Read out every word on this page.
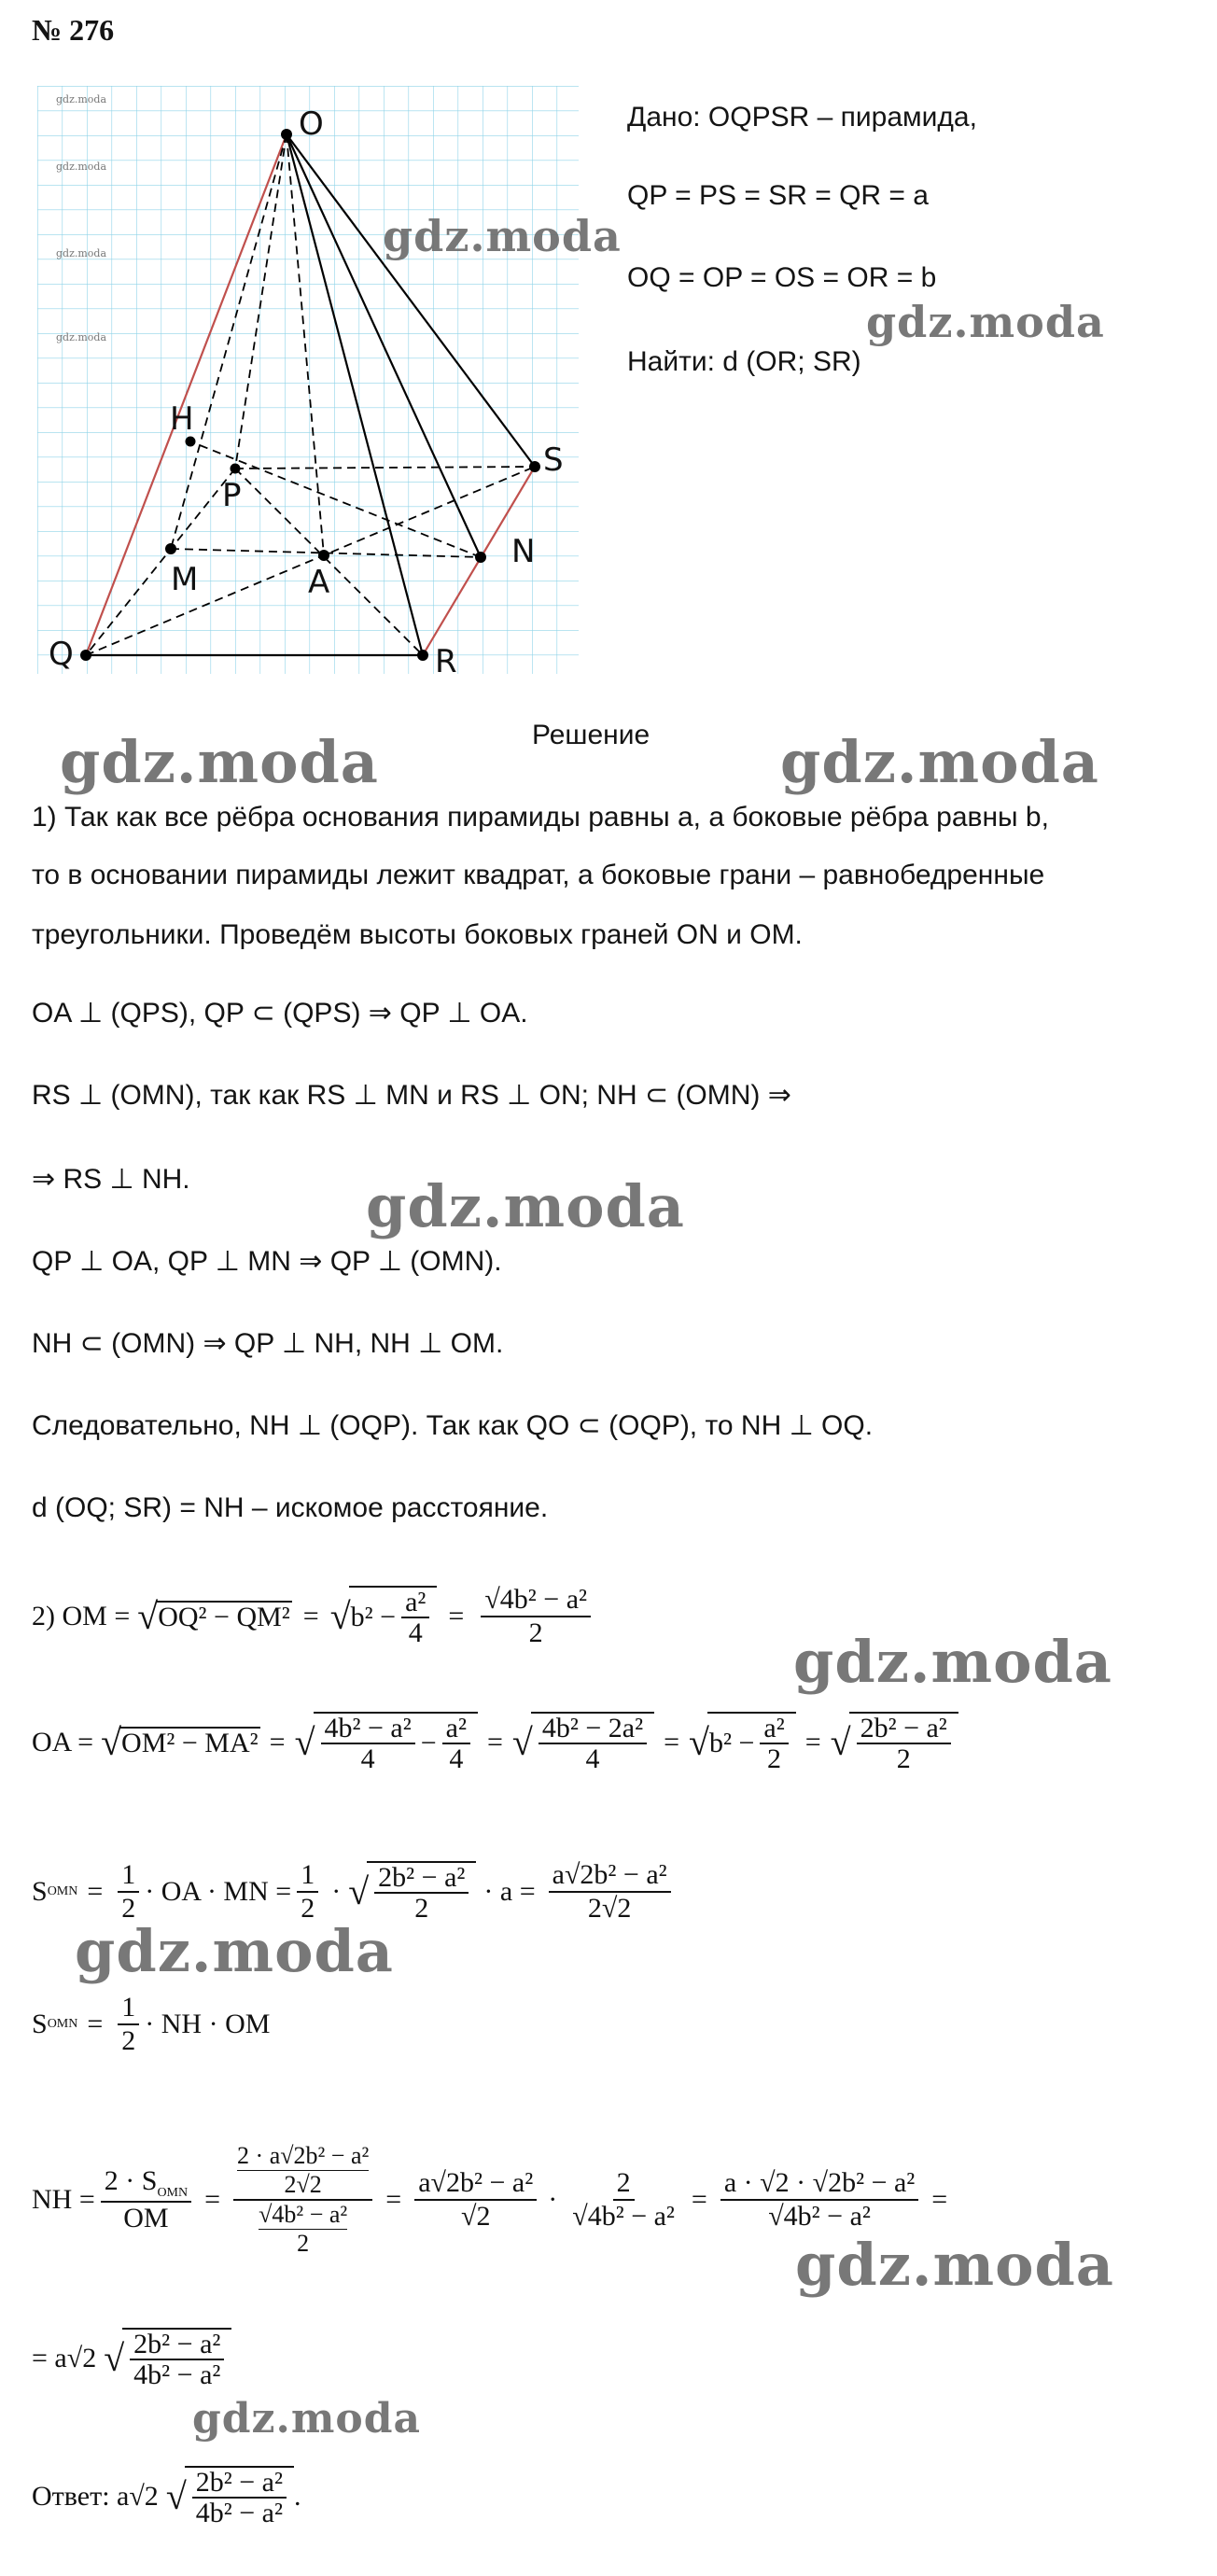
№ 276
O
H
P
S
N
M	A
Q	R
gdz.moda
gdz.moda
gdz.moda
gdz.moda
Дано: OQPSR – пирамида,
QP = PS = SR = QR = a
OQ = OP = OS = OR = b
Найти: d (OR; SR)
gdz.moda
gdz.moda
gdz.moda	gdz.moda
gdz.moda
gdz.moda
gdz.moda
gdz.moda
gdz.moda
Решение
1) Так как все рёбра основания пирамиды равны a, а боковые рёбра равны b,
то в основании пирамиды лежит квадрат, а боковые грани – равнобедренные
треугольники. Проведём высоты боковых граней ON и OM.
OA ⊥ (QPS), QP ⊂ (QPS) ⇒ QP ⊥ OA.
RS ⊥ (OMN), так как RS ⊥ MN и RS ⊥ ON; NH ⊂ (OMN) ⇒
⇒ RS ⊥ NH.
QP ⊥ OA, QP ⊥ MN ⇒ QP ⊥ (OMN).
NH ⊂ (OMN) ⇒ QP ⊥ NH, NH ⊥ OM.
Следовательно, NH ⊥ (OQP). Так как QO ⊂ (OQP), то NH ⊥ OQ.
d (OQ; SR) = NH – искомое расстояние.
2) OM = √ OQ² − QM² = √ $b^2 - \frac{\text{a²}}{4} = \frac{\text{√4b² − a²}}{2}$
OA = √ OM² − MA² = √ $\frac{\text{4b² − a²}}{4} - \frac{\text{a²}}{4}$ = √ $\frac{\text{4b² − 2a²}}{4}$ = √ $b^2 - \frac{\text{a²}}{2}$ = √ $\frac{\text{2b² − a²}}{2}$
S OMN = $\frac{1}{2}$ · OA · MN = $\frac{1}{2}$ · √ $\frac{\text{2b² − a²}}{2} \cdot a = \frac{\text{a√2b² − a²}}{2√2}$
S OMN = $\frac{1}{2}$ · NH · OM
NH = $\frac{2 \cdot S_{OMN}}{OM} = 2 \cdot a√2b^2 - a^2$
2√2
√4b² − a²
$2 = \frac{\text{a√2b² − a²}}{√2} \cdot \frac{2}{\text{√4b² − a²}} = \frac{\text{a · √2 · √2b² − a²}}{\text{√4b² − a²}}$ =
= a√2 √ $\frac{\text{2b² − a²}}{\text{4b² − a²}}$
Ответ: a√2 √ $\frac{\text{2b² − a²}}{\text{4b² − a²}}$ .
